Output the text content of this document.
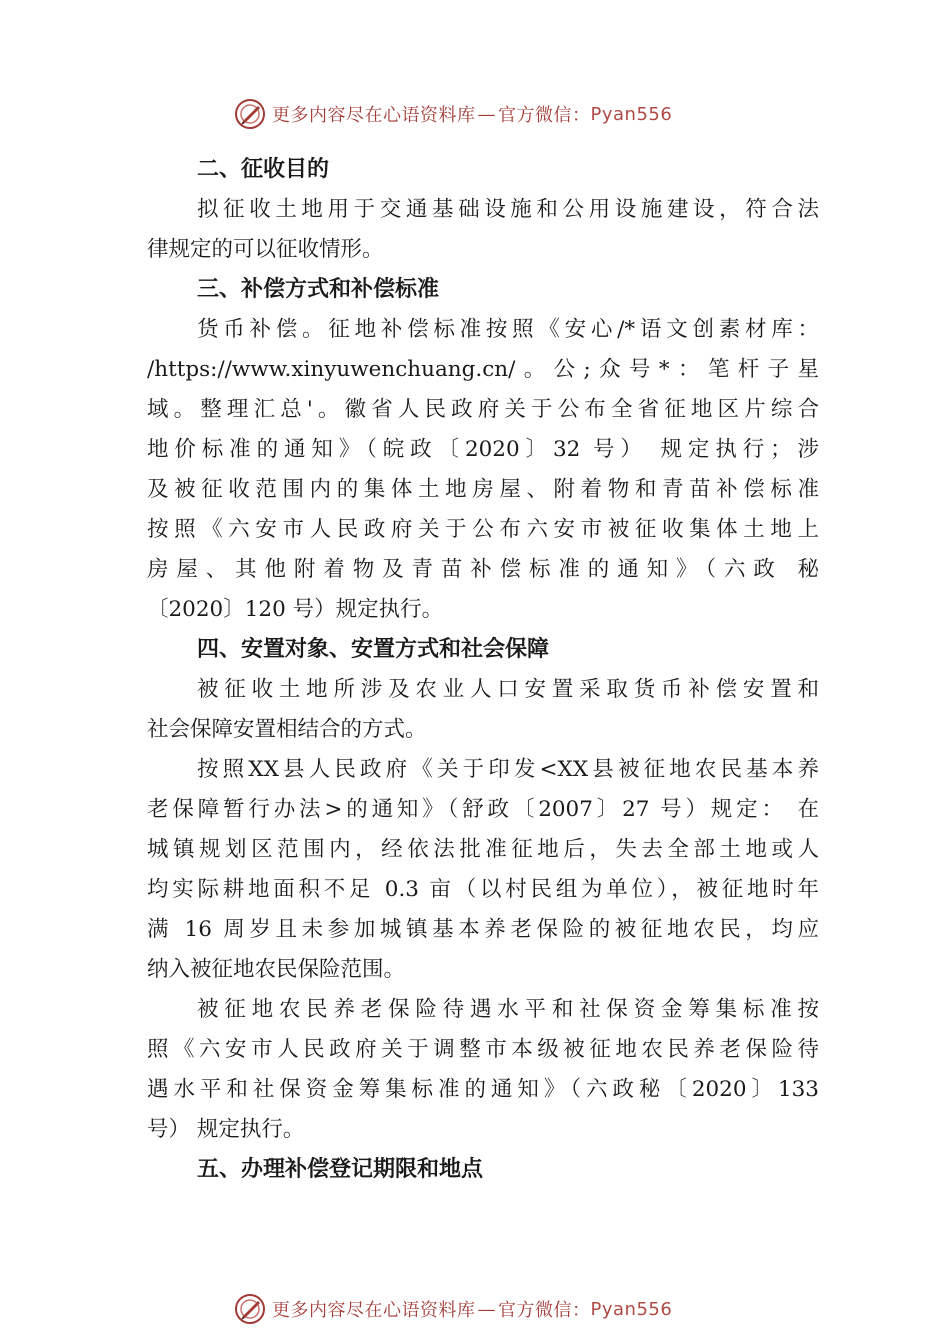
更多内容尽在心语资料库 — 官方微信： Pyan556
二、征收目的
拟征收土地用于交通基础设施和公用设施建设，符合法
律规定的可以征收情形。
三、补偿方式和补偿标准
货币补偿。征地补偿标准按照《安心/*语文创素材库：
/https://www.xinyuwenchuang.cn/。公;众号*：笔杆子星
域。整理汇总'。徽省人民政府关于公布全省征地区片综合
地价标准的通知》（皖政〔2020〕32 号） 规定执行；涉
及被征收范围内的集体土地房屋、附着物和青苗补偿标准
按照《六安市人民政府关于公布六安市被征收集体土地上
房屋、其他附着物及青苗补偿标准的通知》（六政 秘
〔2020〕120 号）规定执行。
四、安置对象、安置方式和社会保障
被征收土地所涉及农业人口安置采取货币补偿安置和
社会保障安置相结合的方式。
按照XX县人民政府《关于印发<XX县被征地农民基本养
老保障暂行办法>的通知》（舒政〔2007〕27 号）规定： 在
城镇规划区范围内，经依法批准征地后，失去全部土地或人
均实际耕地面积不足 0.3 亩（以村民组为单位），被征地时年
满 16 周岁且未参加城镇基本养老保险的被征地农民，均应
纳入被征地农民保险范围。
被征地农民养老保险待遇水平和社保资金筹集标准按
照《六安市人民政府关于调整市本级被征地农民养老保险待
遇水平和社保资金筹集标准的通知》（六政秘〔2020〕133
号） 规定执行。
五、办理补偿登记期限和地点
更多内容尽在心语资料库 — 官方微信： Pyan556
